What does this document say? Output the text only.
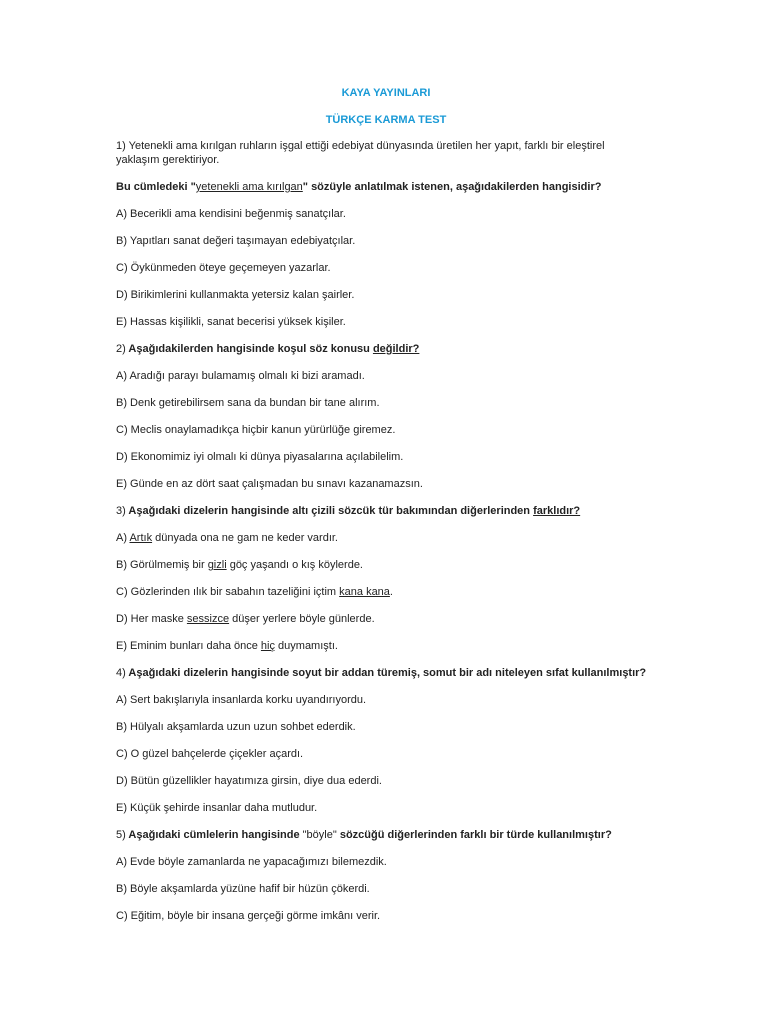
KAYA YAYINLARI

TÜRKÇE KARMA TEST

1) Yetenekli ama kırılgan ruhların işgal ettiği edebiyat dünyasında üretilen her yapıt, farklı bir eleştirel

yaklaşım gerektiriyor.

Bu cümledeki "yetenekli ama kırılgan" sözüyle anlatılmak istenen, aşağıdakilerden hangisidir?

A) Becerikli ama kendisini beğenmiş sanatçılar.

B) Yapıtları sanat değeri taşımayan edebiyatçılar.

C) Öykünmeden öteye geçemeyen yazarlar.

D) Birikimlerini kullanmakta yetersiz kalan şairler.

E) Hassas kişilikli, sanat becerisi yüksek kişiler.

2) Aşağıdakilerden hangisinde koşul söz konusu değildir?

A) Aradığı parayı bulamamış olmalı ki bizi aramadı.

B) Denk getirebilirsem sana da bundan bir tane alırım.

C) Meclis onaylamadıkça hiçbir kanun yürürlüğe giremez.

D) Ekonomimiz iyi olmalı ki dünya piyasalarına açılabilelim.

E) Günde en az dört saat çalışmadan bu sınavı kazanamazsın.

3) Aşağıdaki dizelerin hangisinde altı çizili sözcük tür bakımından diğerlerinden farklıdır?

A) Artık dünyada ona ne gam ne keder vardır.

B) Görülmemiş bir gizli göç yaşandı o kış köylerde.

C) Gözlerinden ılık bir sabahın tazeliğini içtim kana kana.

D) Her maske sessizce düşer yerlere böyle günlerde.

E) Eminim bunları daha önce hiç duymamıştı.

4) Aşağıdaki dizelerin hangisinde soyut bir addan türemiş, somut bir adı niteleyen sıfat kullanılmıştır?

A) Sert bakışlarıyla insanlarda korku uyandırıyordu.

B) Hülyalı akşamlarda uzun uzun sohbet ederdik.

C) O güzel bahçelerde çiçekler açardı.

D) Bütün güzellikler hayatımıza girsin, diye dua ederdi.

E) Küçük şehirde insanlar daha mutludur.

5) Aşağıdaki cümlelerin hangisinde "böyle" sözcüğü diğerlerinden farklı bir türde kullanılmıştır?

A) Evde böyle zamanlarda ne yapacağımızı bilemezdik.

B) Böyle akşamlarda yüzüne hafif bir hüzün çökerdi.

C) Eğitim, böyle bir insana gerçeği görme imkânı verir.
